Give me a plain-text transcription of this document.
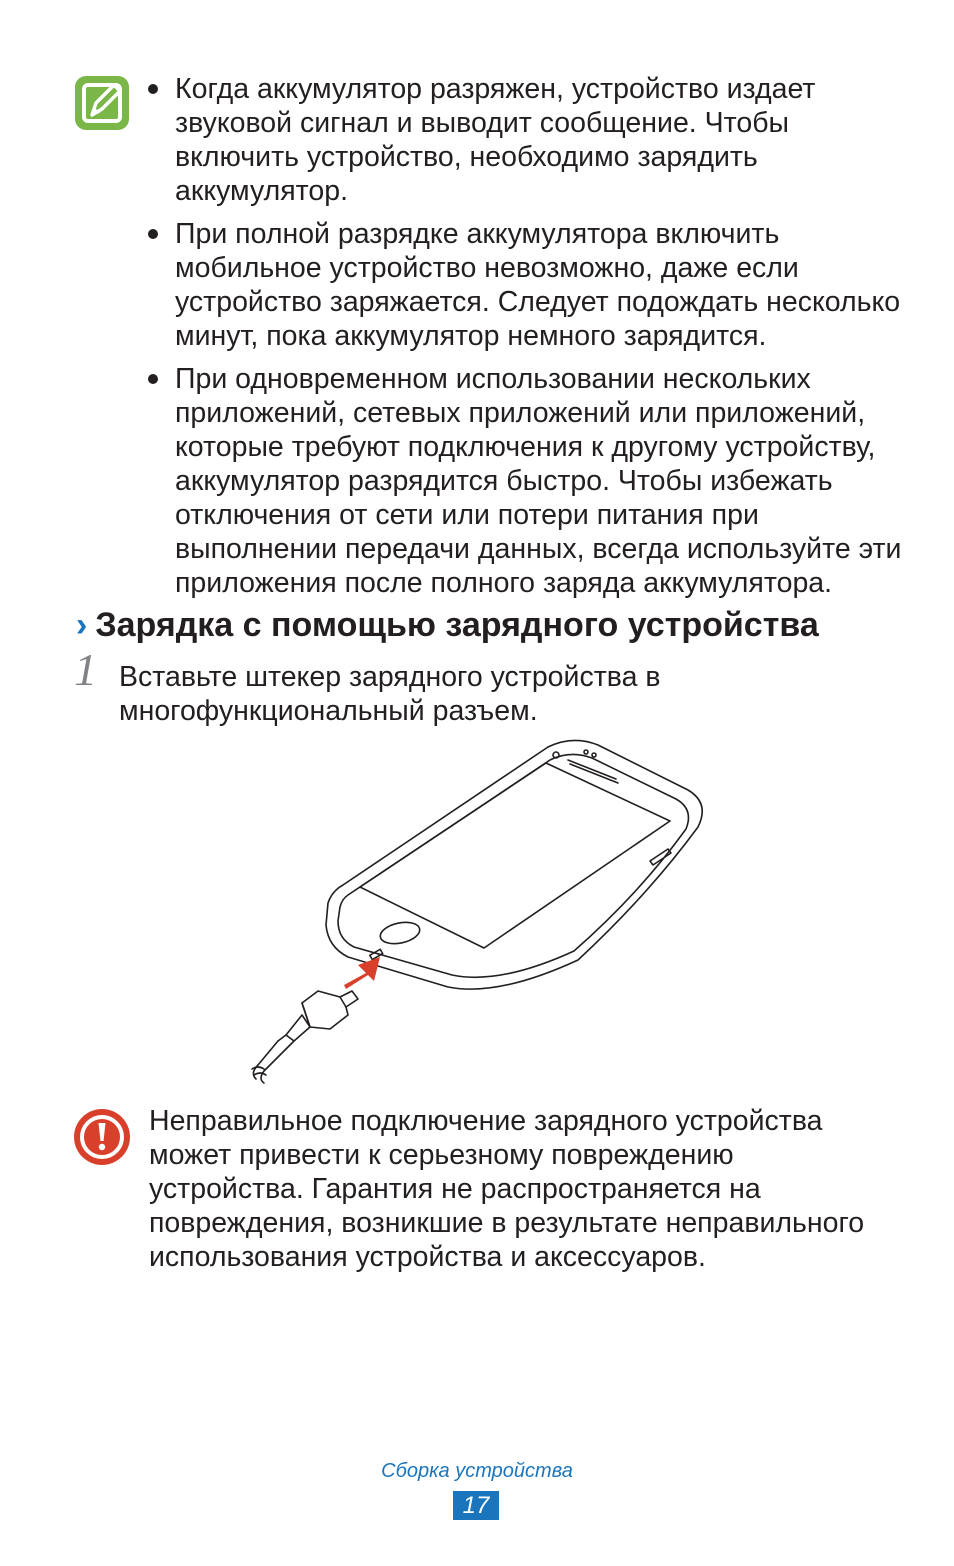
Когда аккумулятор разряжен, устройство издает звуковой сигнал и выводит сообщение. Чтобы включить устройство, необходимо зарядить аккумулятор.
При полной разрядке аккумулятора включить мобильное устройство невозможно, даже если устройство заряжается. Следует подождать несколько минут, пока аккумулятор немного зарядится.
При одновременном использовании нескольких приложений, сетевых приложений или приложений, которые требуют подключения к другому устройству, аккумулятор разрядится быстро. Чтобы избежать отключения от сети или потери питания при выполнении передачи данных, всегда используйте эти приложения после полного заряда аккумулятора.
› Зарядка с помощью зарядного устройства
1 Вставьте штекер зарядного устройства в многофункциональный разъем.
Неправильное подключение зарядного устройства может привести к серьезному повреждению устройства. Гарантия не распространяется на повреждения, возникшие в результате неправильного использования устройства и аксессуаров.
Сборка устройства
17
